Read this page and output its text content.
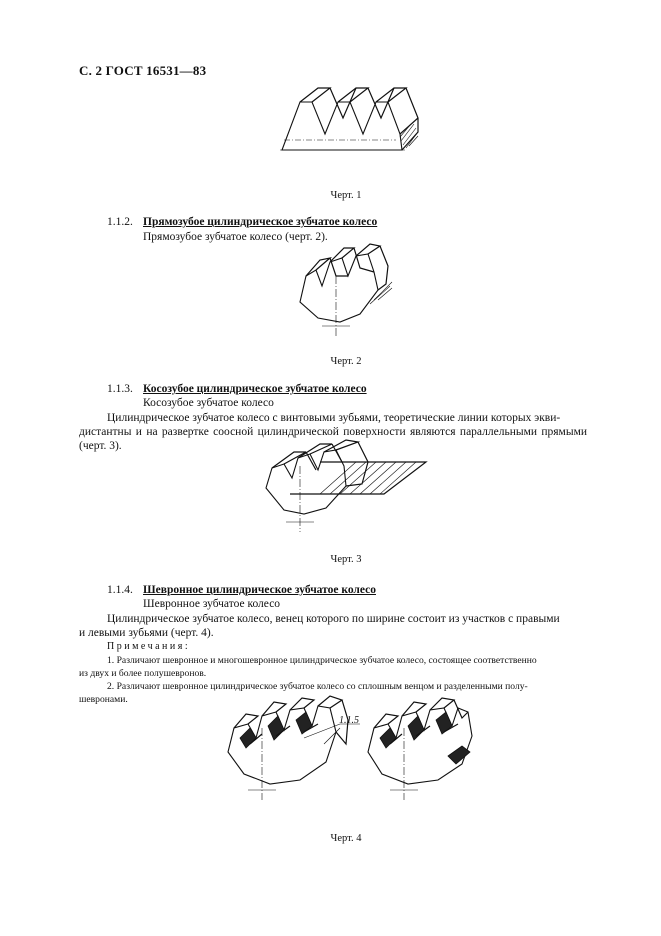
С. 2 ГОСТ 16531—83
Черт. 1
1.1.2. Прямозубое цилиндрическое зубчатое колесо
Прямозубое зубчатое колесо (черт. 2).
Черт. 2
1.1.3. Косозубое цилиндрическое зубчатое колесо
Косозубое зубчатое колесо
Цилиндрическое зубчатое колесо с винтовыми зубьями, теоретические линии которых экви-
дистантны и на развертке соосной цилиндрической поверхности являются параллельными прямыми (черт. 3).
Черт. 3
1.1.4. Шевронное цилиндрическое зубчатое колесо
Шевронное зубчатое колесо
Цилиндрическое зубчатое колесо, венец которого по ширине состоит из участков с правыми
и левыми зубьями (черт. 4).
Примечания:
1. Различают шевронное и многошевронное цилиндрическое зубчатое колесо, состоящее соответственно
из двух и более полушевронов.
2. Различают шевронное цилиндрическое зубчатое колесо со сплошным венцом и разделенными полу-
шевронами.
1.1.5
Черт. 4
